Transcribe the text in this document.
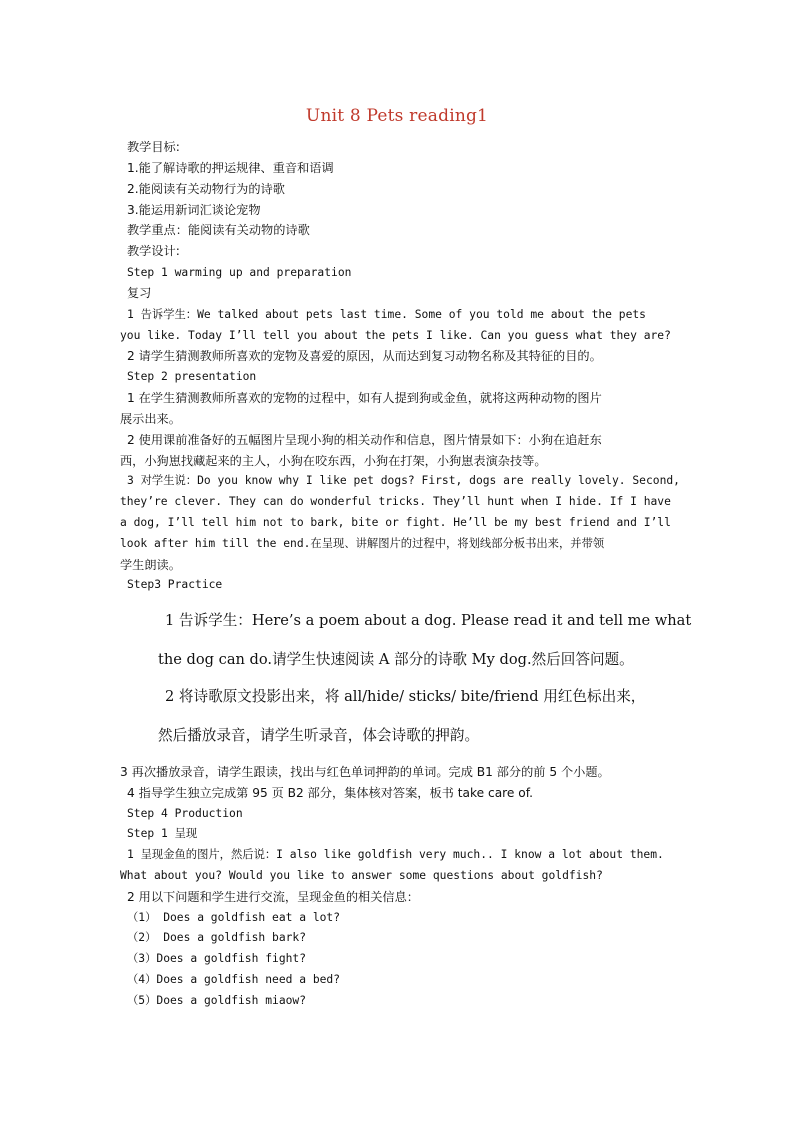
Unit 8 Pets reading1
教学目标:
1.能了解诗歌的押运规律、重音和语调
2.能阅读有关动物行为的诗歌
3.能运用新词汇谈论宠物
教学重点：能阅读有关动物的诗歌
教学设计:
Step 1 warming up and preparation
复习
1 告诉学生：We talked about pets last time. Some of you told me about the pets
you like. Today I’ll tell you about the pets I like. Can you guess what they are?
2 请学生猜测教师所喜欢的宠物及喜爱的原因，从而达到复习动物名称及其特征的目的。
Step 2 presentation
1 在学生猜测教师所喜欢的宠物的过程中，如有人提到狗或金鱼，就将这两种动物的图片
展示出来。
2 使用课前准备好的五幅图片呈现小狗的相关动作和信息，图片情景如下：小狗在追赶东
西，小狗崽找藏起来的主人，小狗在咬东西，小狗在打架，小狗崽表演杂技等。
3 对学生说：Do you know why I like pet dogs? First, dogs are really lovely. Second,
they’re clever. They can do wonderful tricks. They’ll hunt when I hide. If I have
a dog, I’ll tell him not to bark, bite or fight. He’ll be my best friend and I’ll
look after him till the end.在呈现、讲解图片的过程中，将划线部分板书出来，并带领
学生朗读。
Step3 Practice
1 告诉学生：Here’s a poem about a dog. Please read it and tell me what
the dog can do.请学生快速阅读 A 部分的诗歌 My dog.然后回答问题。
2 将诗歌原文投影出来，将 all/hide/ sticks/ bite/friend 用红色标出来，
然后播放录音，请学生听录音，体会诗歌的押韵。
3 再次播放录音，请学生跟读，找出与红色单词押韵的单词。完成 B1 部分的前 5 个小题。
4 指导学生独立完成第 95 页 B2 部分，集体核对答案，板书 take care of.
Step 4 Production
Step 1 呈现
1 呈现金鱼的图片，然后说：I also like goldfish very much.. I know a lot about them.
What about you? Would you like to answer some questions about goldfish?
2 用以下问题和学生进行交流，呈现金鱼的相关信息：
（1） Does a goldfish eat a lot?
（2） Does a goldfish bark?
（3）Does a goldfish fight?
（4）Does a goldfish need a bed?
（5）Does a goldfish miaow?
